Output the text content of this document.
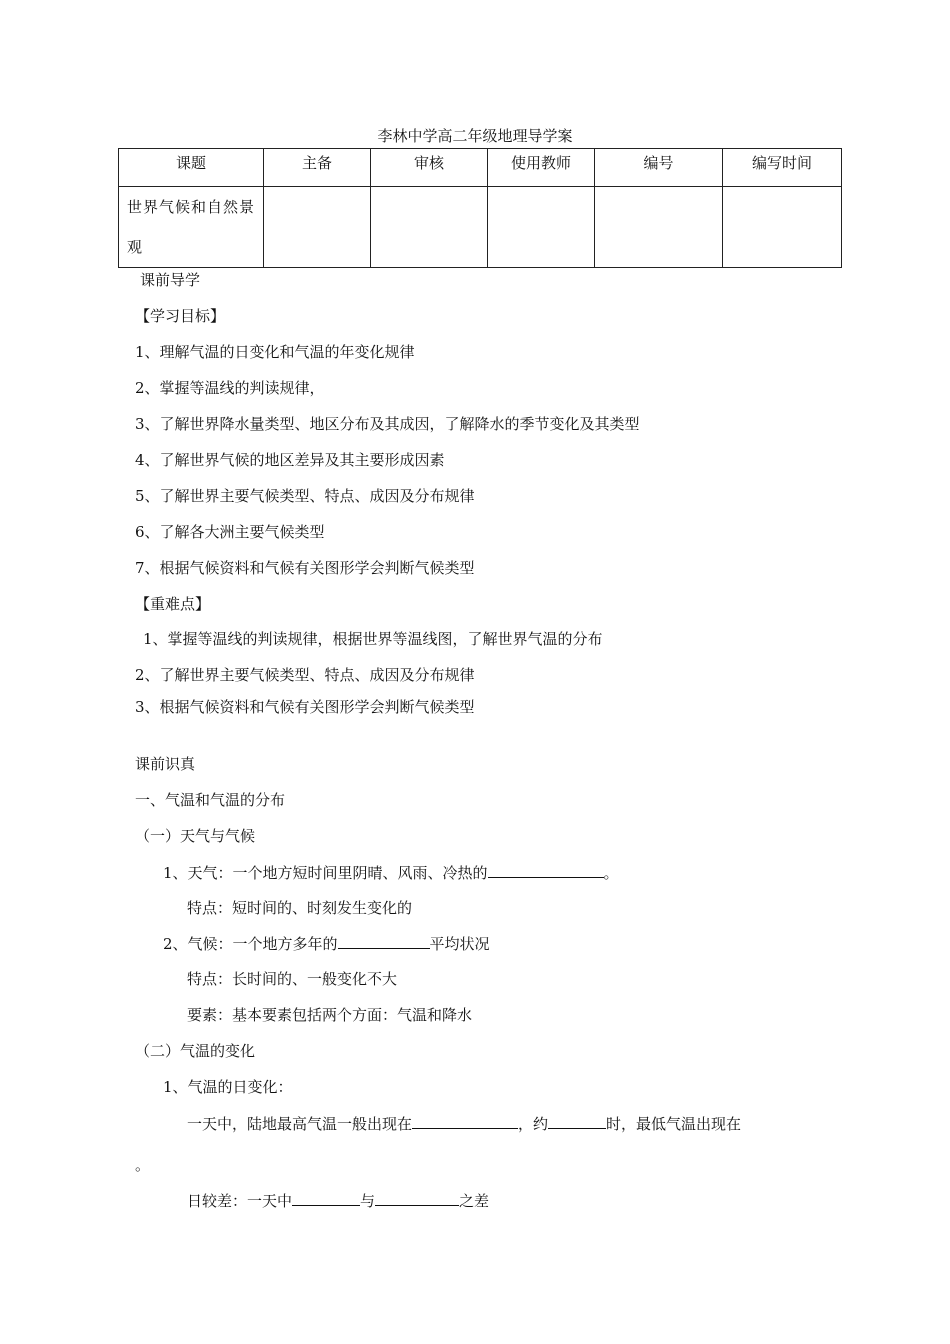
李林中学高二年级地理导学案
课题	主备	审核	使用教师	编号	编写时间
世界气候和自然景观					
课前导学
【学习目标】
1、理解气温的日变化和气温的年变化规律
2、掌握等温线的判读规律，
3、了解世界降水量类型、地区分布及其成因，了解降水的季节变化及其类型
4、了解世界气候的地区差异及其主要形成因素
5、了解世界主要气候类型、特点、成因及分布规律
6、了解各大洲主要气候类型
7、根据气候资料和气候有关图形学会判断气候类型
【重难点】
1、掌握等温线的判读规律，根据世界等温线图，了解世界气温的分布
2、了解世界主要气候类型、特点、成因及分布规律
3、根据气候资料和气候有关图形学会判断气候类型
课前识真
一、气温和气温的分布
（一）天气与气候
1、天气：一个地方短时间里阴晴、风雨、冷热的	。
特点：短时间的、时刻发生变化的
2、气候：一个地方多年的	平均状况
特点：长时间的、一般变化不大
要素：基本要素包括两个方面：气温和降水
（二）气温的变化
1、气温的日变化：
一天中，陆地最高气温一般出现在	，约	时，最低气温出现在
。
日较差：一天中	与	之差
